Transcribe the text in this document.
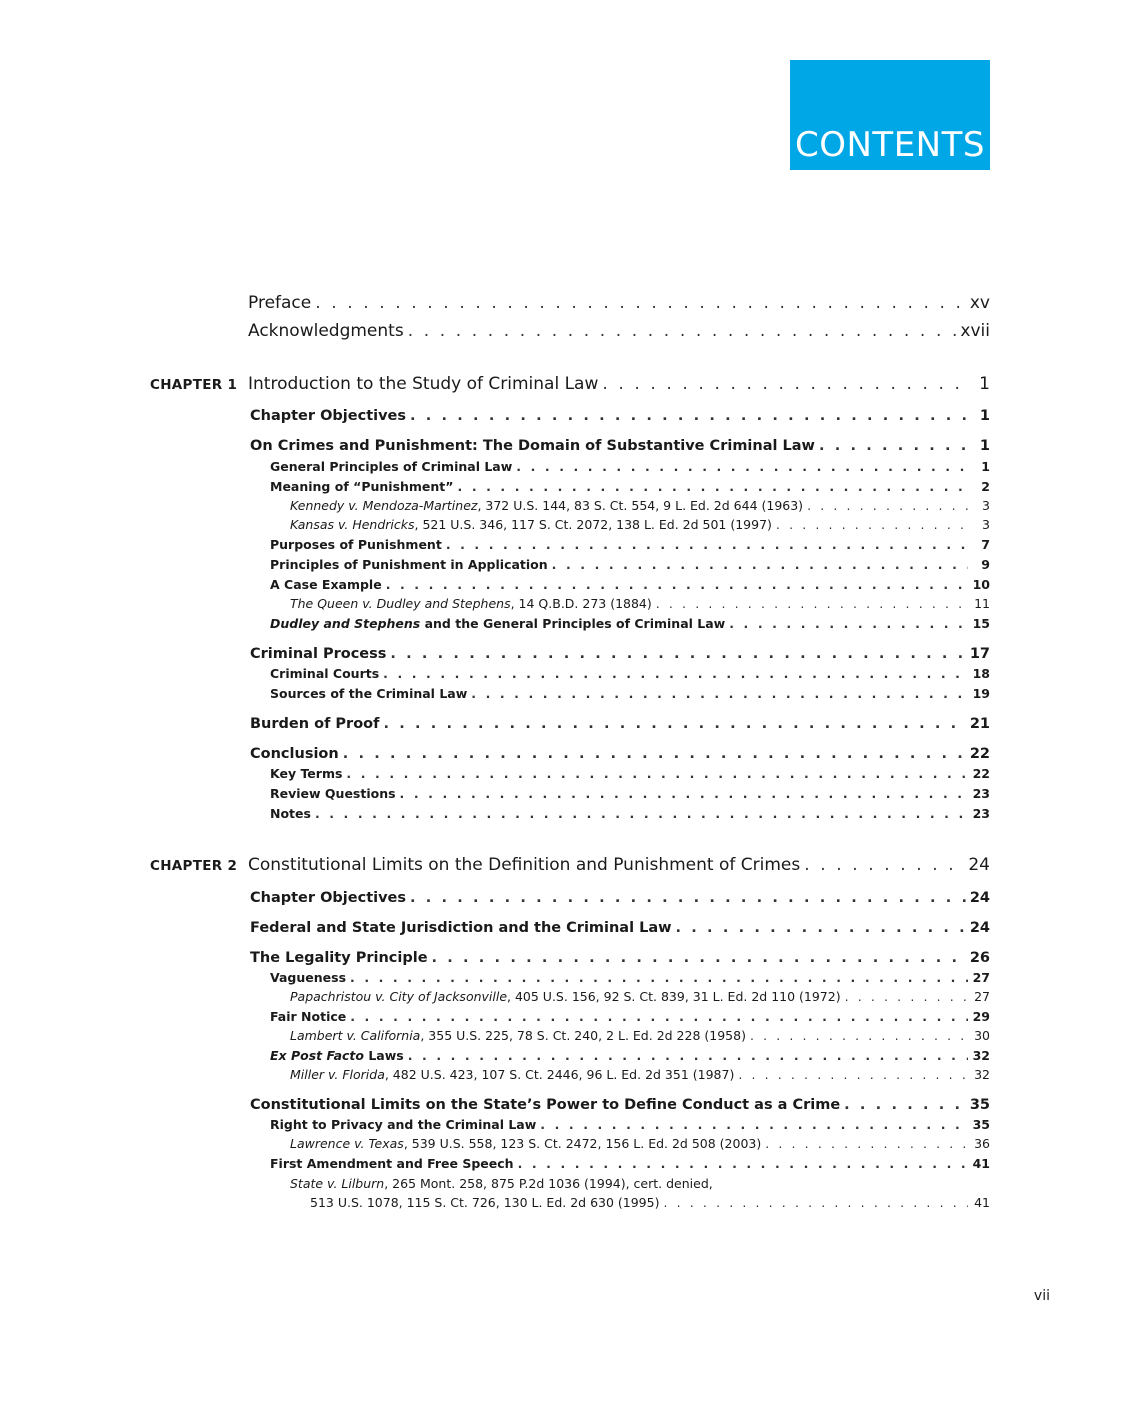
CONTENTS
vii
Preface . . .	xv
Acknowledgments . . .	xvii
CHAPTER 1 Introduction to the Study of Criminal Law . . .	1
Chapter Objectives . . .	1
On Crimes and Punishment: The Domain of Substantive Criminal Law . . .	1
General Principles of Criminal Law . . .	1
Meaning of “Punishment” . . .	2
Kennedy v. Mendoza-Martinez, 372 U.S. 144, 83 S. Ct. 554, 9 L. Ed. 2d 644 (1963) . . .	3
Kansas v. Hendricks, 521 U.S. 346, 117 S. Ct. 2072, 138 L. Ed. 2d 501 (1997) . . .	3
Purposes of Punishment . . .	7
Principles of Punishment in Application . . .	9
A Case Example . . .	10
The Queen v. Dudley and Stephens, 14 Q.B.D. 273 (1884) . . .	11
Dudley and Stephens and the General Principles of Criminal Law . . .	15
Criminal Process . . .	17
Criminal Courts . . .	18
Sources of the Criminal Law . . .	19
Burden of Proof . . .	21
Conclusion . . .	22
Key Terms . . .	22
Review Questions . . .	23
Notes . . .	23
CHAPTER 2 Constitutional Limits on the Definition and Punishment of Crimes . . .	24
Chapter Objectives . . .	24
Federal and State Jurisdiction and the Criminal Law . . .	24
The Legality Principle . . .	26
Vagueness . . .	27
Papachristou v. City of Jacksonville, 405 U.S. 156, 92 S. Ct. 839, 31 L. Ed. 2d 110 (1972) . . .	27
Fair Notice . . .	29
Lambert v. California, 355 U.S. 225, 78 S. Ct. 240, 2 L. Ed. 2d 228 (1958) . . .	30
Ex Post Facto Laws . . .	32
Miller v. Florida, 482 U.S. 423, 107 S. Ct. 2446, 96 L. Ed. 2d 351 (1987) . . .	32
Constitutional Limits on the State’s Power to Define Conduct as a Crime . . .	35
Right to Privacy and the Criminal Law . . .	35
Lawrence v. Texas, 539 U.S. 558, 123 S. Ct. 2472, 156 L. Ed. 2d 508 (2003) . . .	36
First Amendment and Free Speech . . .	41
State v. Lilburn, 265 Mont. 258, 875 P.2d 1036 (1994), cert. denied,
513 U.S. 1078, 115 S. Ct. 726, 130 L. Ed. 2d 630 (1995) . . .	41
